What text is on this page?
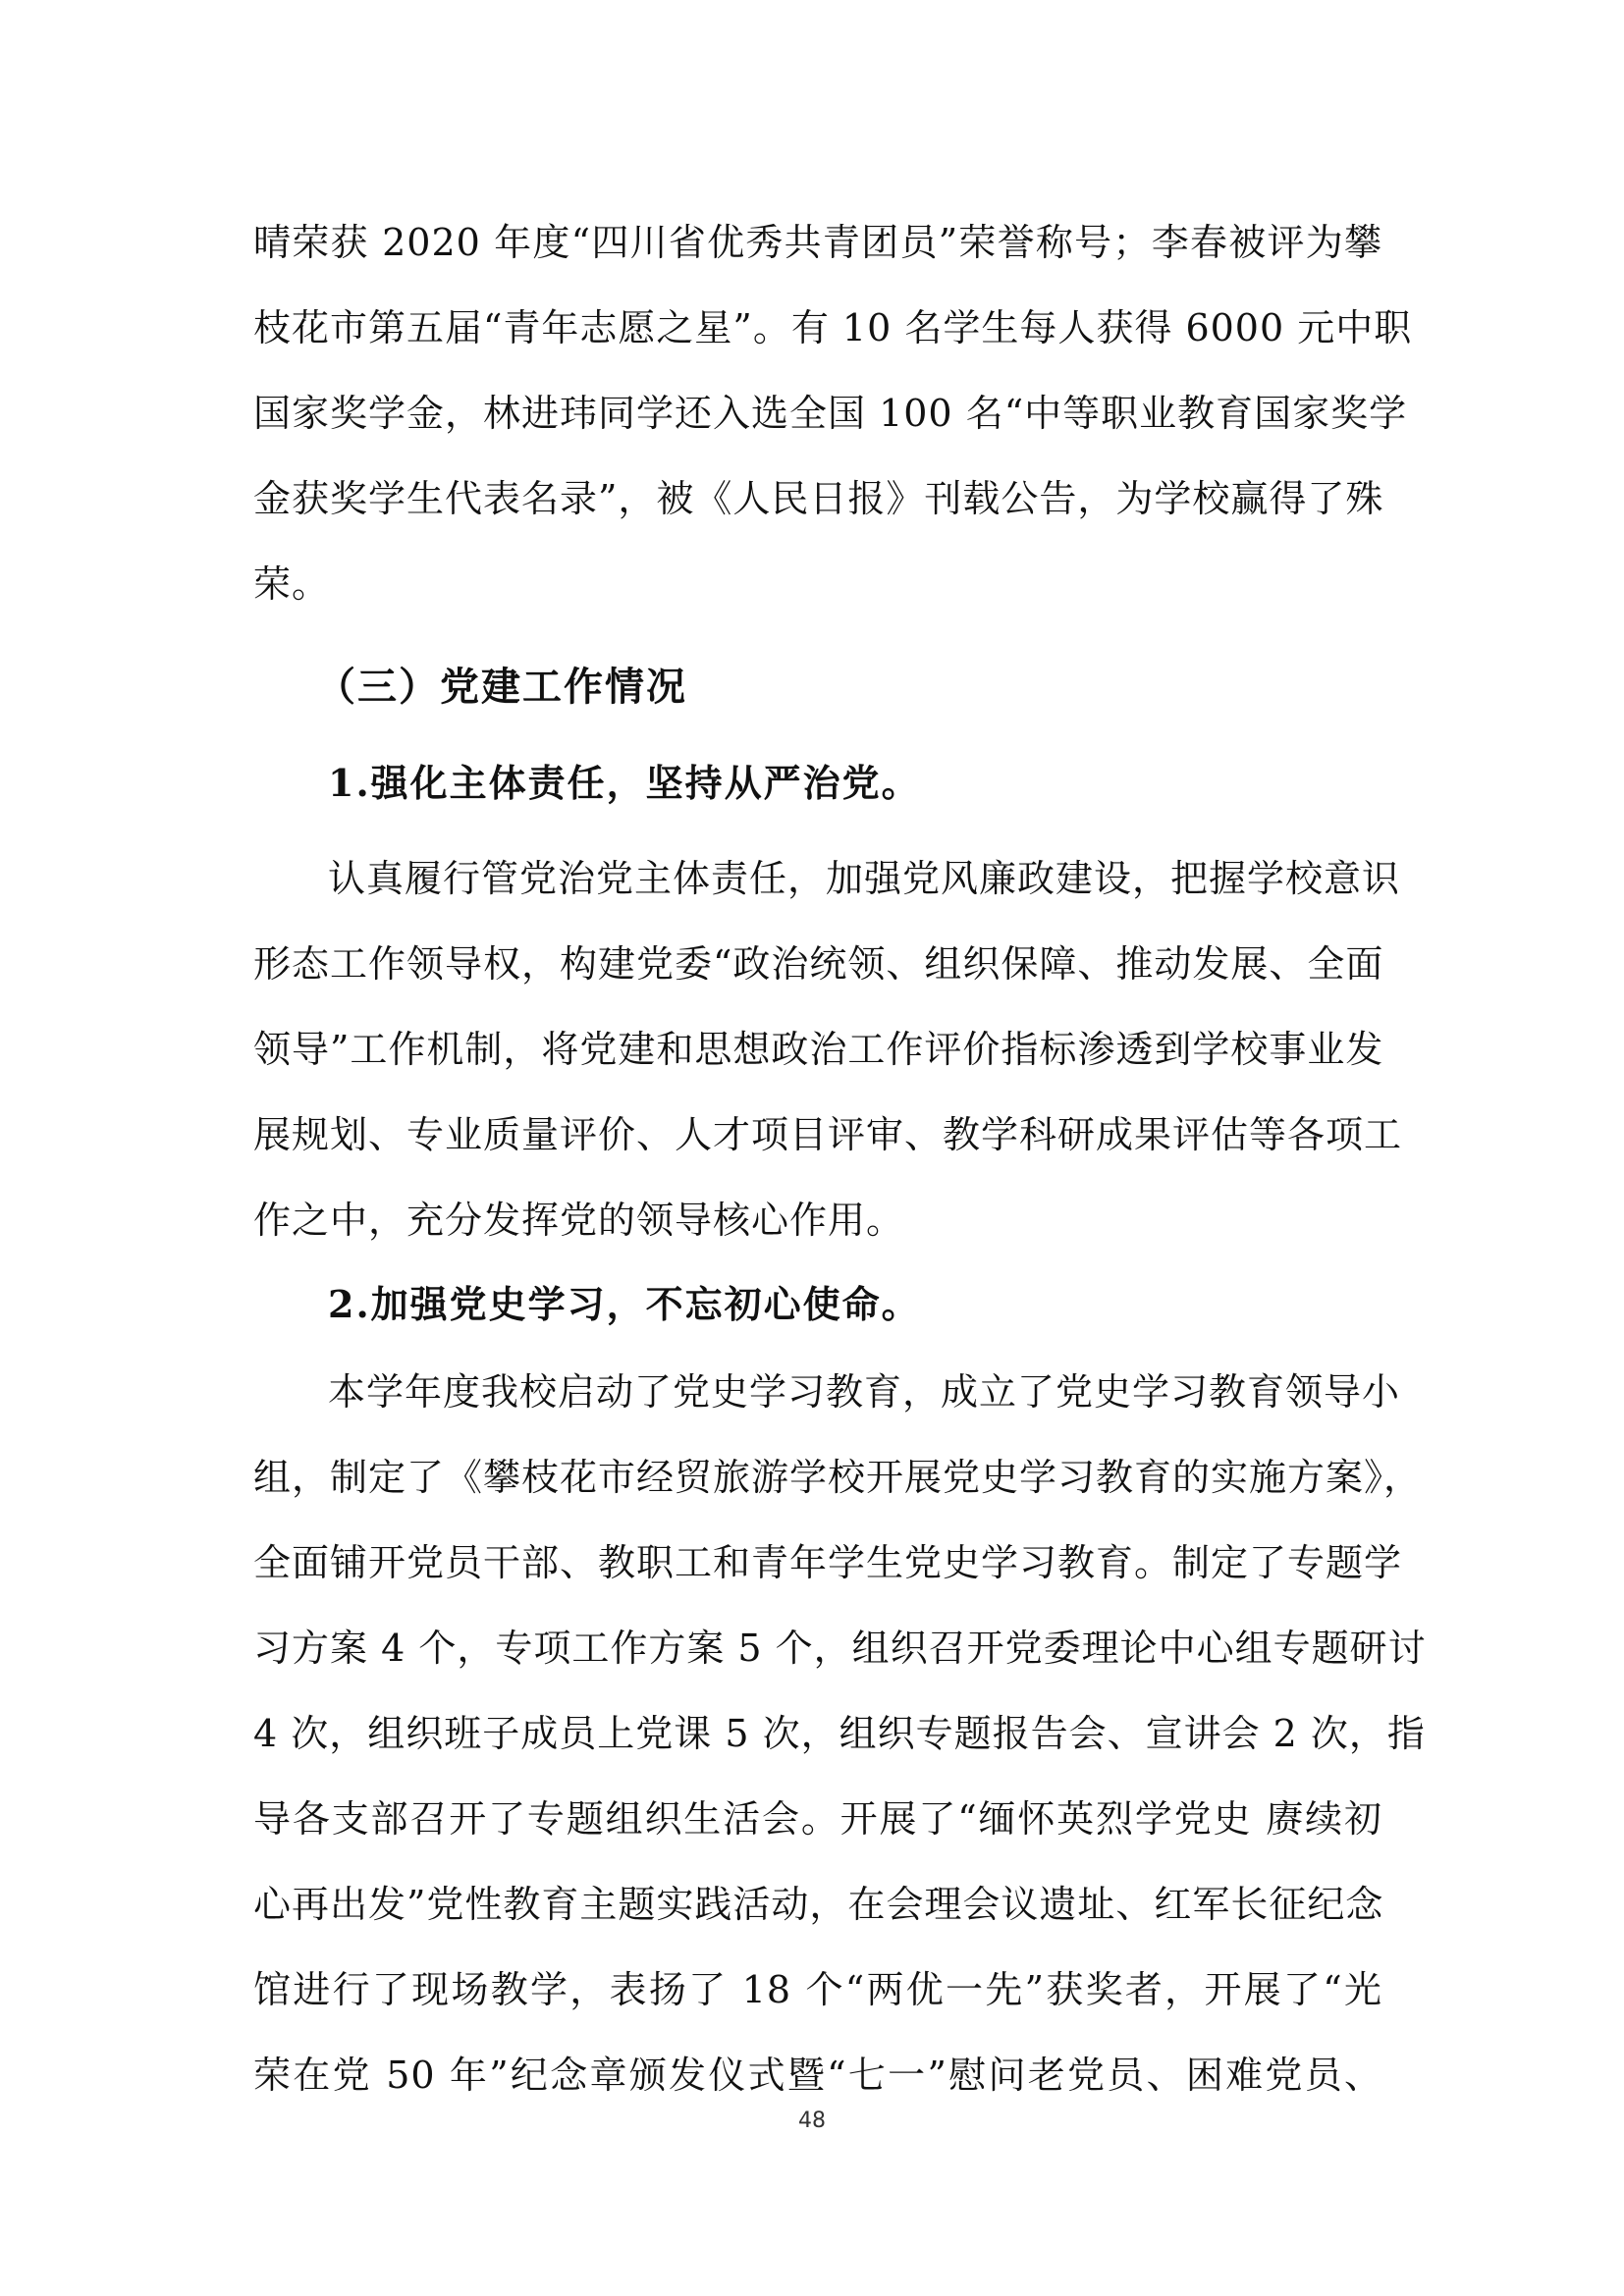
晴荣获 2020 年度“四川省优秀共青团员”荣誉称号；李春被评为攀
枝花市第五届“青年志愿之星”。有 10 名学生每人获得 6000 元中职
国家奖学金，林进玮同学还入选全国 100 名“中等职业教育国家奖学
金获奖学生代表名录”，被《人民日报》刊载公告，为学校赢得了殊
荣。
（三）党建工作情况
1.强化主体责任，坚持从严治党。
认真履行管党治党主体责任，加强党风廉政建设，把握学校意识
形态工作领导权，构建党委“政治统领、组织保障、推动发展、全面
领导”工作机制，将党建和思想政治工作评价指标渗透到学校事业发
展规划、专业质量评价、人才项目评审、教学科研成果评估等各项工
作之中，充分发挥党的领导核心作用。
2.加强党史学习，不忘初心使命。
本学年度我校启动了党史学习教育，成立了党史学习教育领导小
组，制定了《攀枝花市经贸旅游学校开展党史学习教育的实施方案》，
全面铺开党员干部、教职工和青年学生党史学习教育。制定了专题学
习方案 4 个，专项工作方案 5 个，组织召开党委理论中心组专题研讨
4 次，组织班子成员上党课 5 次，组织专题报告会、宣讲会 2 次，指
导各支部召开了专题组织生活会。开展了“缅怀英烈学党史 赓续初
心再出发”党性教育主题实践活动，在会理会议遗址、红军长征纪念
馆进行了现场教学，表扬了 18 个“两优一先”获奖者，开展了“光
荣在党 50 年”纪念章颁发仪式暨“七一”慰问老党员、困难党员、
48
